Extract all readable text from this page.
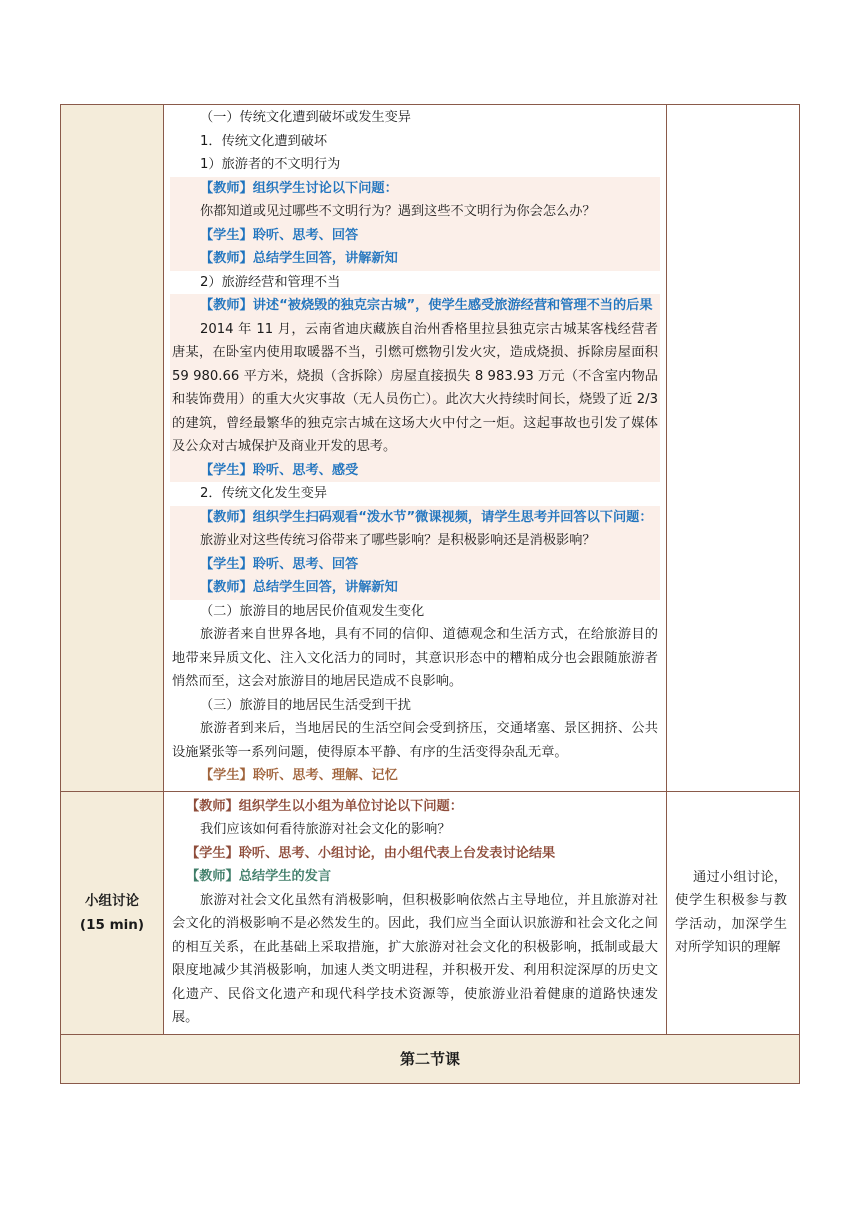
（一）传统文化遭到破坏或发生变异
1．传统文化遭到破坏
1）旅游者的不文明行为
【教师】组织学生讨论以下问题：
你都知道或见过哪些不文明行为？遇到这些不文明行为你会怎么办？
【学生】聆听、思考、回答
【教师】总结学生回答，讲解新知
2）旅游经营和管理不当
【教师】讲述“被烧毁的独克宗古城”，使学生感受旅游经营和管理不当的后果

2014 年 11 月，云南省迪庆藏族自治州香格里拉县独克宗古城某客栈经营者唐某，在卧室内使用取暖器不当，引燃可燃物引发火灾，造成烧损、拆除房屋面积 59 980.66 平方米，烧损（含拆除）房屋直接损失 8 983.93 万元（不含室内物品和装饰费用）的重大火灾事故（无人员伤亡）。此次大火持续时间长，烧毁了近 2/3 的建筑，曾经最繁华的独克宗古城在这场大火中付之一炬。这起事故也引发了媒体及公众对古城保护及商业开发的思考。

【学生】聆听、思考、感受
2．传统文化发生变异
【教师】组织学生扫码观看“泼水节”微课视频，请学生思考并回答以下问题：
旅游业对这些传统习俗带来了哪些影响？是积极影响还是消极影响？
【学生】聆听、思考、回答
【教师】总结学生回答，讲解新知
（二）旅游目的地居民价值观发生变化

旅游者来自世界各地，具有不同的信仰、道德观念和生活方式，在给旅游目的地带来异质文化、注入文化活力的同时，其意识形态中的糟粕成分也会跟随旅游者悄然而至，这会对旅游目的地居民造成不良影响。

（三）旅游目的地居民生活受到干扰

旅游者到来后，当地居民的生活空间会受到挤压，交通堵塞、景区拥挤、公共设施紧张等一系列问题，使得原本平静、有序的生活变得杂乱无章。

【学生】聆听、思考、理解、记忆
小组讨论
(15 min)
【教师】组织学生以小组为单位讨论以下问题：
我们应该如何看待旅游对社会文化的影响？
【学生】聆听、思考、小组讨论，由小组代表上台发表讨论结果
【教师】总结学生的发言

旅游对社会文化虽然有消极影响，但积极影响依然占主导地位，并且旅游对社会文化的消极影响不是必然发生的。因此，我们应当全面认识旅游和社会文化之间的相互关系，在此基础上采取措施，扩大旅游对社会文化的积极影响，抵制或最大限度地减少其消极影响，加速人类文明进程，并积极开发、利用积淀深厚的历史文化遗产、民俗文化遗产和现代科学技术资源等，使旅游业沿着健康的道路快速发展。

通过小组讨论，使学生积极参与教学活动，加深学生对所学知识的理解

第二节课
